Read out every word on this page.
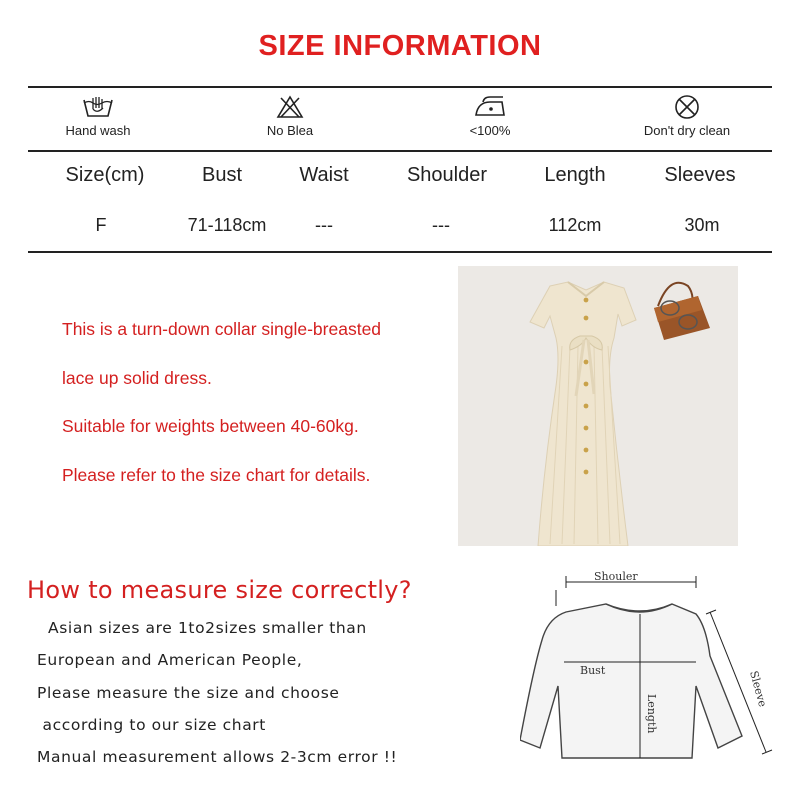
SIZE INFORMATION
Hand wash	No Blea	<100%	Don't dry clean
Size(cm)	Bust	Waist	Shoulder	Length	Sleeves
F	71-118cm	---	---	112cm	30m

This is a turn-down collar single-breasted

lace up solid dress.

Suitable for weights between 40-60kg.

Please refer to the size chart for details.

How to measure size correctly?

Asian sizes are 1to2sizes smaller than

European and American People,

Please measure the size and choose

according to our size chart

Manual measurement allows 2-3cm error !!

Shouler
Bust
Length
Sleeve
